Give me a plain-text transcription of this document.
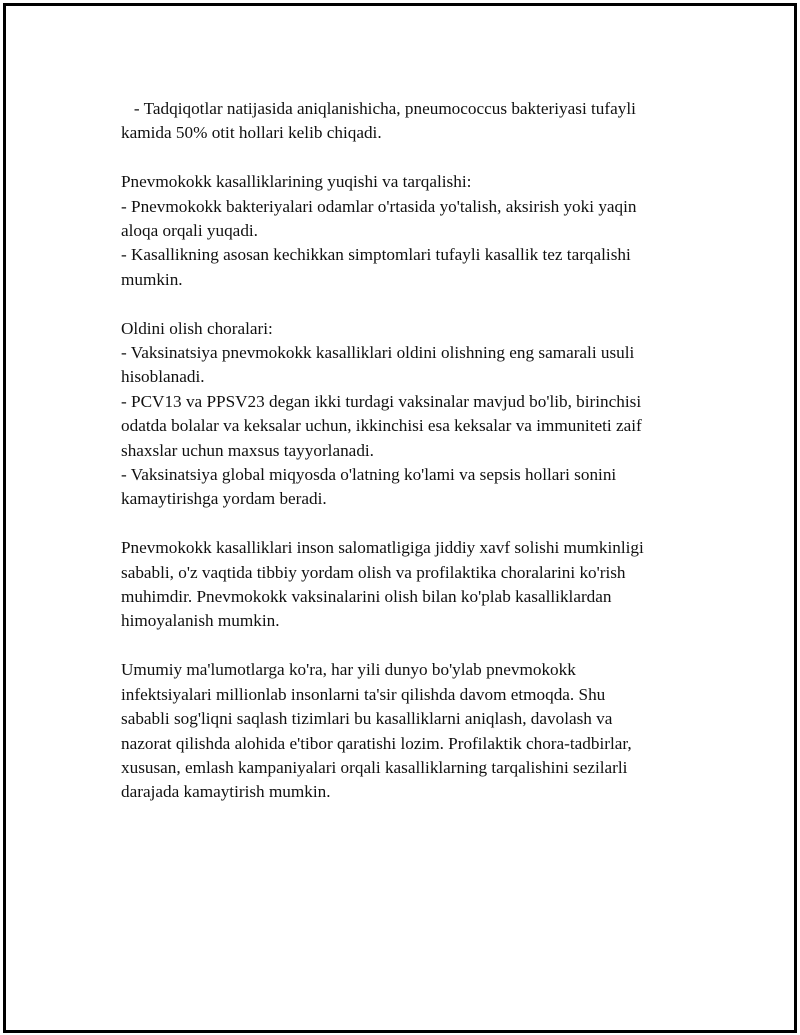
- Tadqiqotlar natijasida aniqlanishicha, pneumococcus bakteriyasi tufayli
kamida 50% otit hollari kelib chiqadi.
Pnevmokokk kasalliklarining yuqishi va tarqalishi:
- Pnevmokokk bakteriyalari odamlar o'rtasida yo'talish, aksirish yoki yaqin
aloqa orqali yuqadi.
- Kasallikning asosan kechikkan simptomlari tufayli kasallik tez tarqalishi
mumkin.
Oldini olish choralari:
- Vaksinatsiya pnevmokokk kasalliklari oldini olishning eng samarali usuli
hisoblanadi.
- PCV13 va PPSV23 degan ikki turdagi vaksinalar mavjud bo'lib, birinchisi
odatda bolalar va keksalar uchun, ikkinchisi esa keksalar va immuniteti zaif
shaxslar uchun maxsus tayyorlanadi.
- Vaksinatsiya global miqyosda o'latning ko'lami va sepsis hollari sonini
kamaytirishga yordam beradi.
Pnevmokokk kasalliklari inson salomatligiga jiddiy xavf solishi mumkinligi
sababli, o'z vaqtida tibbiy yordam olish va profilaktika choralarini ko'rish
muhimdir. Pnevmokokk vaksinalarini olish bilan ko'plab kasalliklardan
himoyalanish mumkin.
Umumiy ma'lumotlarga ko'ra, har yili dunyo bo'ylab pnevmokokk
infektsiyalari millionlab insonlarni ta'sir qilishda davom etmoqda. Shu
sababli sog'liqni saqlash tizimlari bu kasalliklarni aniqlash, davolash va
nazorat qilishda alohida e'tibor qaratishi lozim. Profilaktik chora-tadbirlar,
xususan, emlash kampaniyalari orqali kasalliklarning tarqalishini sezilarli
darajada kamaytirish mumkin.
